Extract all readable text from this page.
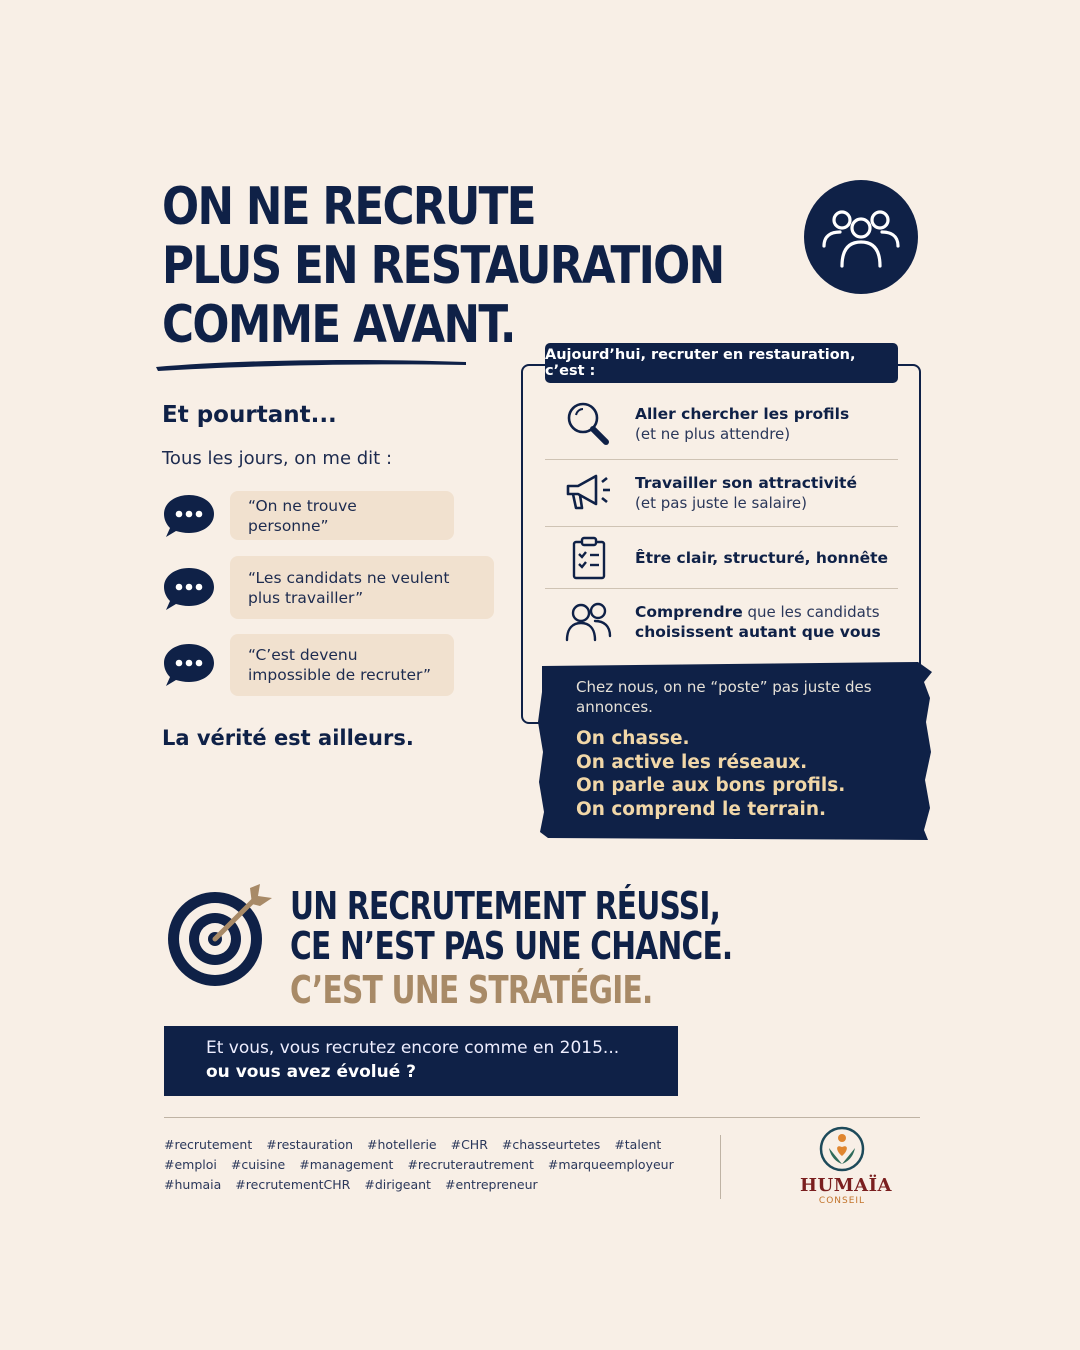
ON NE RECRUTE
PLUS EN RESTAURATION
COMME AVANT.
Et pourtant...
Tous les jours, on me dit :
“On ne trouve personne”
“Les candidats ne veulent plus travailler”
“C’est devenu impossible de recruter”
La vérité est ailleurs.
Aujourd’hui, recruter en restauration, c’est :
Aller chercher les profils
(et ne plus attendre)
Travailler son attractivité
(et pas juste le salaire)
Être clair, structuré, honnête
Comprendre que les candidats
choisissent autant que vous
Chez nous, on ne “poste” pas juste des annonces.
On chasse.
On active les réseaux.
On parle aux bons profils.
On comprend le terrain.
UN RECRUTEMENT RÉUSSI,
CE N’EST PAS UNE CHANCE.
C’EST UNE STRATÉGIE.
Et vous, vous recrutez encore comme en 2015...
ou vous avez évolué ?
#recrutement #restauration #hotellerie #CHR #chasseurtetes #talent
#emploi #cuisine #management #recruterautrement #marqueemployeur
#humaia #recrutementCHR #dirigeant #entrepreneur	HUMAÏA
CONSEIL
